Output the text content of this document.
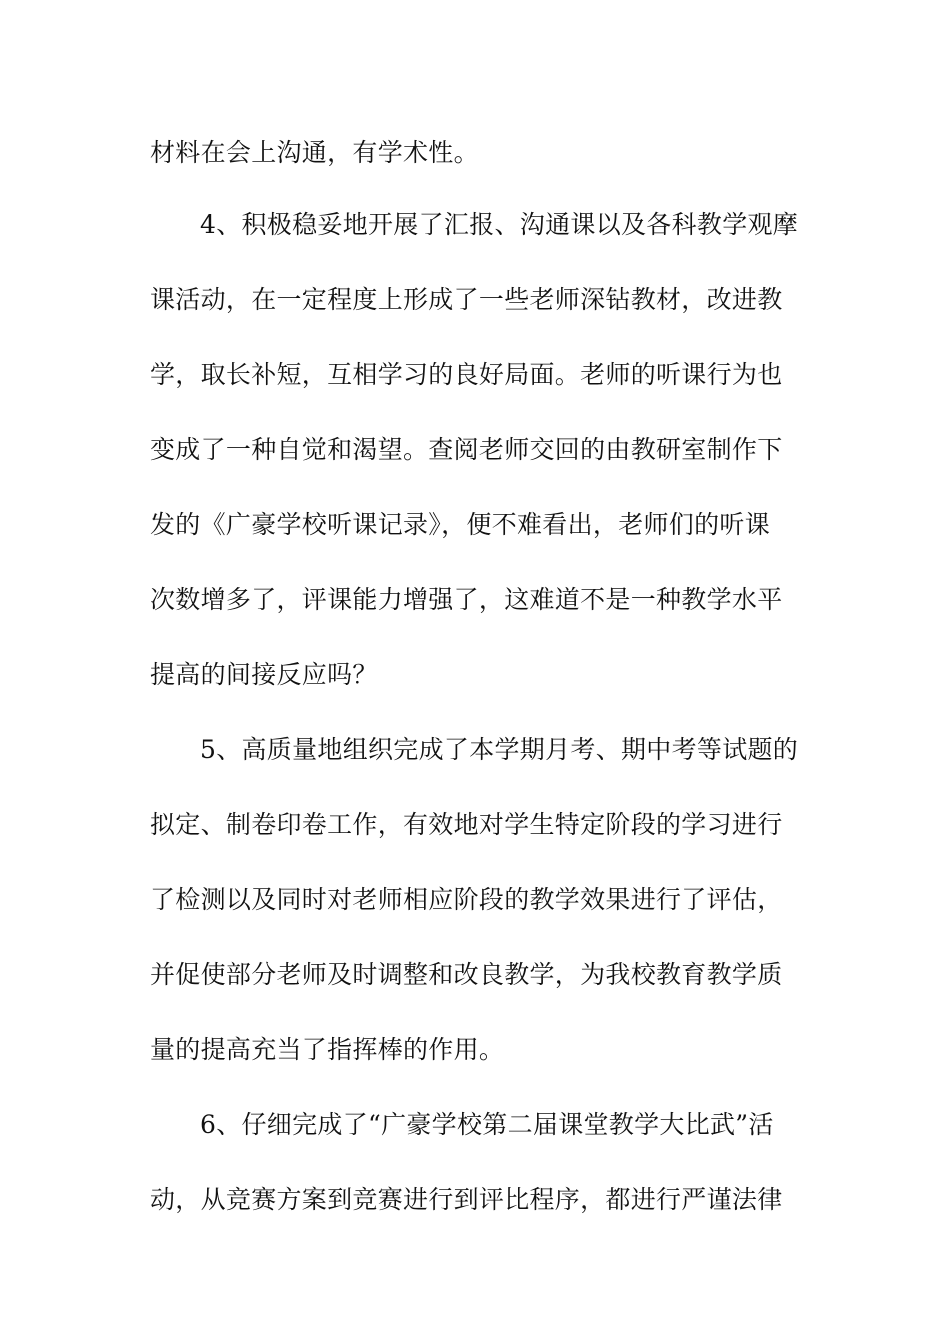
材料在会上沟通，有学术性。
4、积极稳妥地开展了汇报、沟通课以及各科教学观摩
课活动，在一定程度上形成了一些老师深钻教材，改进教
学，取长补短，互相学习的良好局面。老师的听课行为也
变成了一种自觉和渴望。查阅老师交回的由教研室制作下
发的《广豪学校听课记录》，便不难看出，老师们的听课
次数增多了，评课能力增强了，这难道不是一种教学水平
提高的间接反应吗？
5、高质量地组织完成了本学期月考、期中考等试题的
拟定、制卷印卷工作，有效地对学生特定阶段的学习进行
了检测以及同时对老师相应阶段的教学效果进行了评估，
并促使部分老师及时调整和改良教学，为我校教育教学质
量的提高充当了指挥棒的作用。
6、仔细完成了“广豪学校第二届课堂教学大比武”活
动，从竞赛方案到竞赛进行到评比程序，都进行严谨法律
